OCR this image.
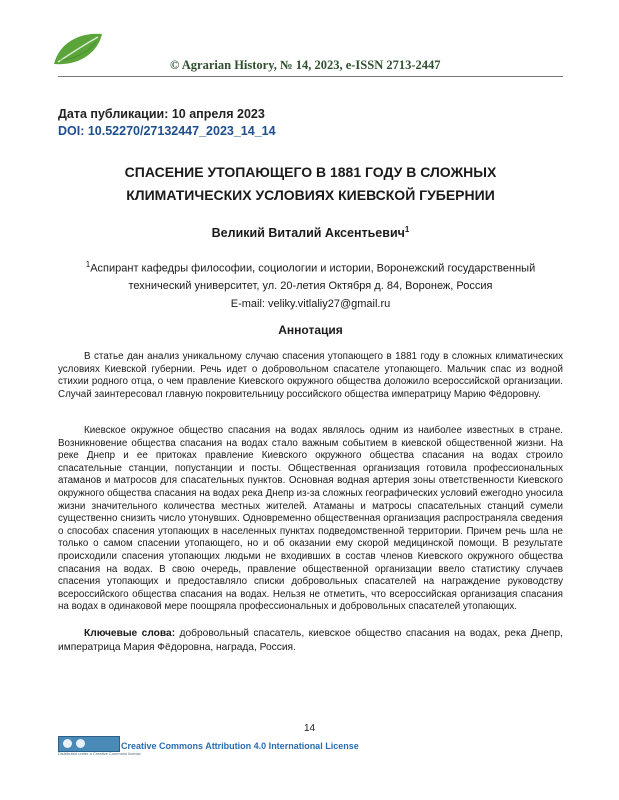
© Agrarian History, № 14, 2023, e-ISSN 2713-2447
Дата публикации: 10 апреля 2023
DOI: 10.52270/27132447_2023_14_14
СПАСЕНИЕ УТОПАЮЩЕГО В 1881 ГОДУ В СЛОЖНЫХ
КЛИМАТИЧЕСКИХ УСЛОВИЯХ КИЕВСКОЙ ГУБЕРНИИ
Великий Виталий Аксентьевич$^1$
$^1$Аспирант кафедры философии, социологии и истории, Воронежский государственный
технический университет, ул. 20-летия Октября д. 84, Воронеж, Россия
E-mail: veliky.vitlaliy27@gmail.ru
Аннотация

В статье дан анализ уникальному случаю спасения утопающего в 1881 году в сложных климатических условиях Киевской губернии. Речь идет о добровольном спасателе утопающего. Мальчик спас из водной стихии родного отца, о чем правление Киевского окружного общества доложило всероссийской организации. Случай заинтересовал главную покровительницу российского общества императрицу Марию Фёдоровну.

Киевское окружное общество спасания на водах являлось одним из наиболее известных в стране. Возникновение общества спасания на водах стало важным событием в киевской общественной жизни. На реке Днепр и ее притоках правление Киевского окружного общества спасания на водах строило спасательные станции, попустанции и посты. Общественная организация готовила профессиональных атаманов и матросов для спасательных пунктов. Основная водная артерия зоны ответственности Киевского окружного общества спасания на водах река Днепр из-за сложных географических условий ежегодно уносила жизни значительного количества местных жителей. Атаманы и матросы спасательных станций сумели существенно снизить число утонувших. Одновременно общественная организация распространяла сведения о способах спасения утопающих в населенных пунктах подведомственной территории. Причем речь шла не только о самом спасении утопающего, но и об оказании ему скорой медицинской помощи. В результате происходили спасения утопающих людьми не входивших в состав членов Киевского окружного общества спасания на водах. В свою очередь, правление общественной организации ввело статистику случаев спасения утопающих и предоставляло списки добровольных спасателей на награждение руководству всероссийского общества спасания на водах. Нельзя не отметить, что всероссийская организация спасания на водах в одинаковой мере поощряла профессиональных и добровольных спасателей утопающих.

Ключевые слова: добровольный спасатель, киевское общество спасания на водах, река Днепр, императрица Мария Фёдоровна, награда, Россия.

14
Distributed under a Creative Commons license
Creative Commons Attribution 4.0 International License
